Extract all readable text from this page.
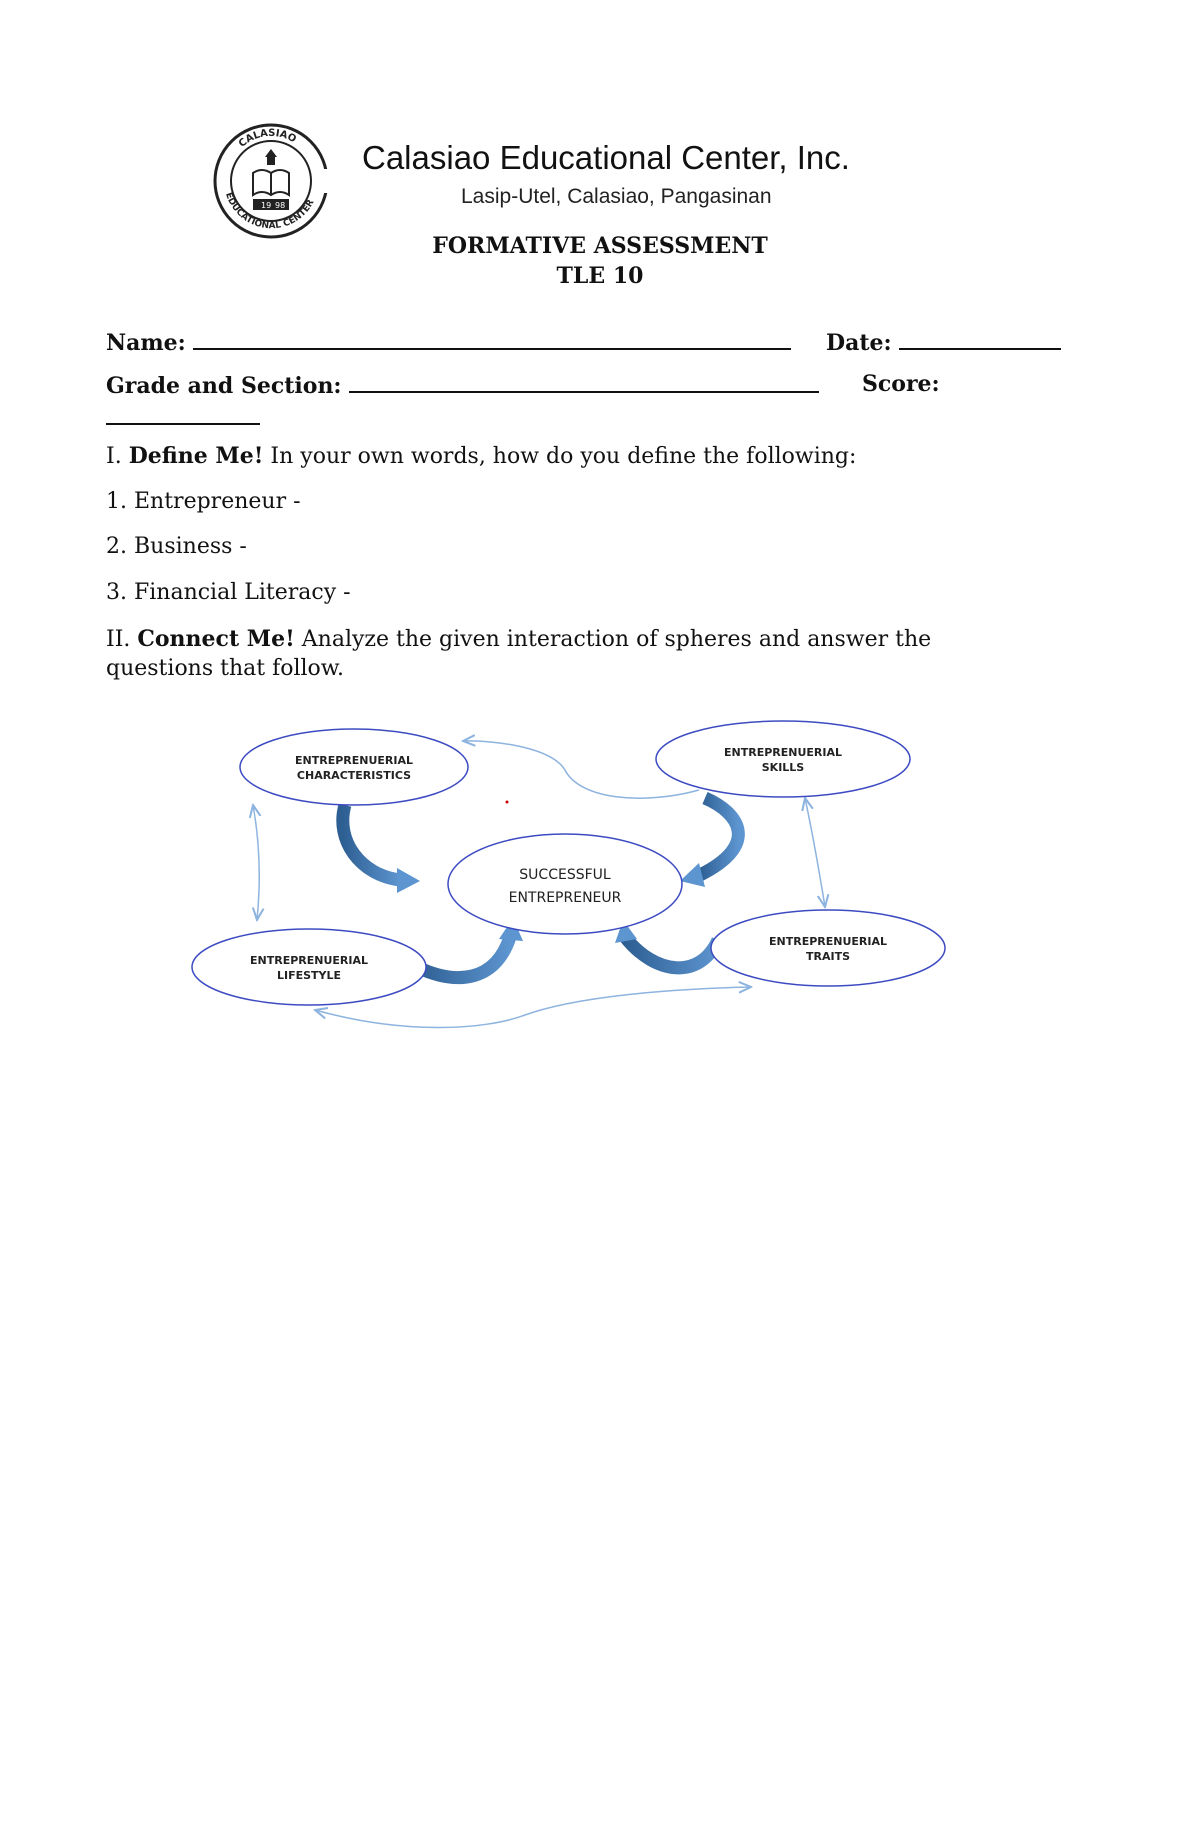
CALASIAO
EDUCATIONAL CENTER
19 98
Calasiao Educational Center, Inc.
Lasip-Utel, Calasiao, Pangasinan
FORMATIVE ASSESSMENT
TLE 10
Name:	Date:
Grade and Section:	Score:
I. Define Me! In your own words, how do you define the following:
1. Entrepreneur -
2. Business -
3. Financial Literacy -
II. Connect Me! Analyze the given interaction of spheres and answer the
questions that follow.
ENTREPRENUERIAL
CHARACTERISTICS
ENTREPRENUERIAL
SKILLS
SUCCESSFUL
ENTREPRENEUR
ENTREPRENUERIAL
LIFESTYLE
ENTREPRENUERIAL
TRAITS
